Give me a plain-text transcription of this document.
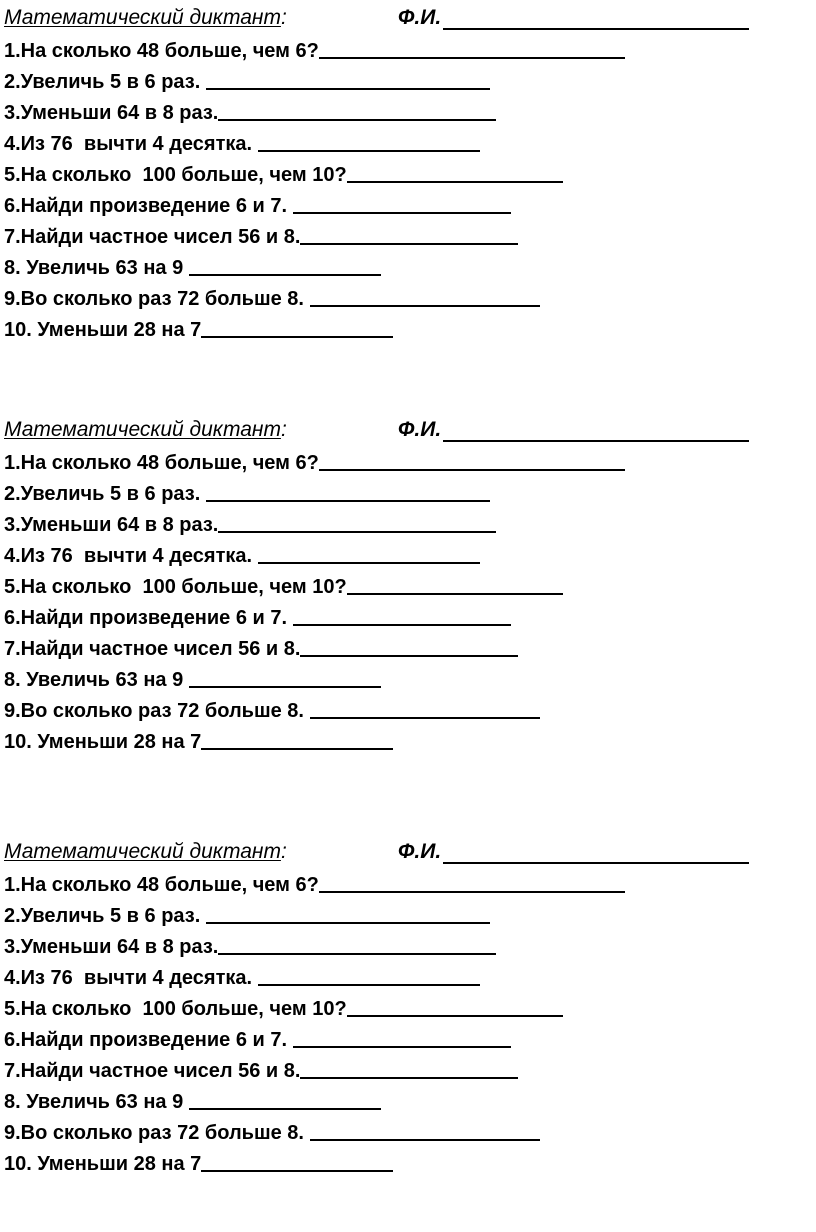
Математический диктант:	Ф.И.
1.На сколько 48 больше, чем 6?
2.Увеличь 5 в 6 раз.
3.Уменьши 64 в 8 раз.
4.Из 76  вычти 4 десятка.
5.На сколько  100 больше, чем 10?
6.Найди произведение 6 и 7.
7.Найди частное чисел 56 и 8.
8. Увеличь 63 на 9
9.Во сколько раз 72 больше 8.
10. Уменьши 28 на 7
Математический диктант:	Ф.И.
1.На сколько 48 больше, чем 6?
2.Увеличь 5 в 6 раз.
3.Уменьши 64 в 8 раз.
4.Из 76  вычти 4 десятка.
5.На сколько  100 больше, чем 10?
6.Найди произведение 6 и 7.
7.Найди частное чисел 56 и 8.
8. Увеличь 63 на 9
9.Во сколько раз 72 больше 8.
10. Уменьши 28 на 7
Математический диктант:	Ф.И.
1.На сколько 48 больше, чем 6?
2.Увеличь 5 в 6 раз.
3.Уменьши 64 в 8 раз.
4.Из 76  вычти 4 десятка.
5.На сколько  100 больше, чем 10?
6.Найди произведение 6 и 7.
7.Найди частное чисел 56 и 8.
8. Увеличь 63 на 9
9.Во сколько раз 72 больше 8.
10. Уменьши 28 на 7
